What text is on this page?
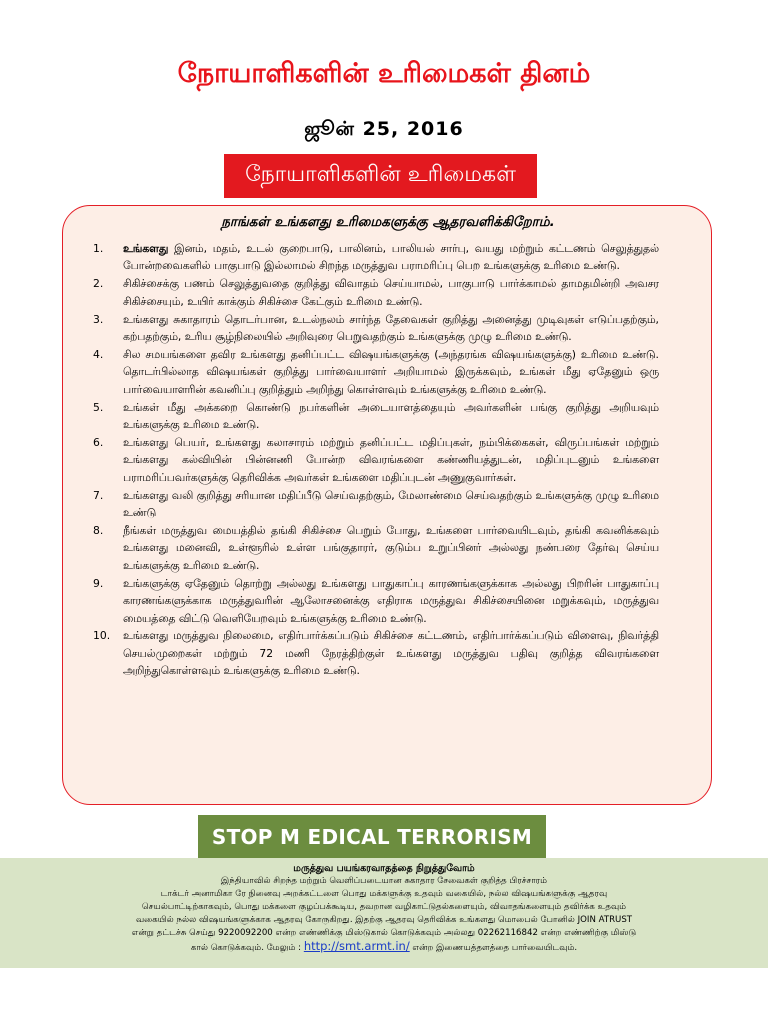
நோயாளிகளின் உரிமைகள் தினம்
ஜூன் 25, 2016
நோயாளிகளின் உரிமைகள்
நாங்கள் உங்களது உரிமைகளுக்கு ஆதரவளிக்கிறோம்.
1.	உங்களது இனம், மதம், உடல் குறைபாடு, பாலினம், பாலியல் சார்பு, வயது மற்றும் கட்டணம் செலுத்துதல் போன்றவைகளில் பாகுபாடு இல்லாமல் சிறந்த மருத்துவ பராமரிப்பு பெற உங்களுக்கு உரிமை உண்டு.
2.	சிகிச்சைக்கு பணம் செலுத்துவதை குறித்து விவாதம் செய்யாமல், பாகுபாடு பார்க்காமல் தாமதமின்றி அவசர சிகிச்சையும், உயிர் காக்கும் சிகிச்சை கேட்கும் உரிமை உண்டு.
3.	உங்களது சுகாதாரம் தொடர்பான, உடல்நலம் சார்ந்த தேவைகள் குறித்து அனைத்து முடிவுகள் எடுப்பதற்கும், கற்பதற்கும், உரிய சூழ்நிலையில் அறிவுரை பெறுவதற்கும் உங்களுக்கு முழு உரிமை உண்டு.
4.	சில சமயங்களை தவிர உங்களது தனிப்பட்ட விஷயங்களுக்கு (அந்தரங்க விஷயங்களுக்கு) உரிமை உண்டு. தொடர்பில்லாத விஷயங்கள் குறித்து பார்வையாளர் அறியாமல் இருக்கவும், உங்கள் மீது ஏதேனும் ஒரு பார்வையாளரின் கவனிப்பு குறித்தும் அறிந்து கொள்ளவும் உங்களுக்கு உரிமை உண்டு.
5.	உங்கள் மீது அக்கறை கொண்டு நபர்களின் அடையாளத்தையும் அவர்களின் பங்கு குறித்து அறியவும் உங்களுக்கு உரிமை உண்டு.
6.	உங்களது பெயர், உங்களது கலாசாரம் மற்றும் தனிப்பட்ட மதிப்புகள், நம்பிக்கைகள், விருப்பங்கள் மற்றும் உங்களது கல்வியின் பின்னணி போன்ற விவரங்களை கண்ணியத்துடன், மதிப்புடனும் உங்களை பராமரிப்பவர்களுக்கு தெரிவிக்க அவர்கள் உங்களை மதிப்புடன் அணுகுவார்கள்.
7.	உங்களது வலி குறித்து சரியான மதிப்பீடு செய்வதற்கும், மேலாண்மை செய்வதற்கும் உங்களுக்கு முழு உரிமை உண்டு
8.	நீங்கள் மருத்துவ மையத்தில் தங்கி சிகிச்சை பெறும் போது, உங்களை பார்வையிடவும், தங்கி கவனிக்கவும் உங்களது மனைவி, உள்ளூரில் உள்ள பங்குதாரர், குடும்ப உறுப்பினர் அல்லது நண்பரை தேர்வு செய்ய உங்களுக்கு உரிமை உண்டு.
9.	உங்களுக்கு ஏதேனும் தொற்று அல்லது உங்களது பாதுகாப்பு காரணங்களுக்காக அல்லது பிறரின் பாதுகாப்பு காரணங்களுக்காக மருத்துவரின் ஆலோசனைக்கு எதிராக மருத்துவ சிகிச்சையினை மறுக்கவும், மருத்துவ மையத்தை விட்டு வெளியேறவும் உங்களுக்கு உரிமை உண்டு.
10.	உங்களது மருத்துவ நிலைமை, எதிர்பார்க்கப்படும் சிகிச்சை கட்டணம், எதிர்பார்க்கப்படும் விளைவு, நிவர்த்தி செயல்முறைகள் மற்றும் 72 மணி நேரத்திற்குள் உங்களது மருத்துவ பதிவு குறித்த விவரங்களை அறிந்துகொள்ளவும் உங்களுக்கு உரிமை உண்டு.
STOP M EDICAL TERRORISM
மருத்துவ பயங்கரவாதத்தை நிறுத்துவோம்
இந்தியாவில் சிறந்த மற்றும் வெளிப்படையான சுகாதார சேவைகள் குறித்த பிரச்சாரம்
டாக்டர் அனாமிகா ரே நினைவு அறக்கட்டளை பொது மக்களுக்கு உதவும் வகையில், நல்ல விஷயங்களுக்கு ஆதரவு
செயல்பாட்டிற்காகவும், பொது மக்களை குழப்பக்கூடிய, தவறான வழிகாட்டுதல்களையும், விவாதங்களையும் தவிர்க்க உதவும்
வகையில் நல்ல விஷயங்களுக்காக ஆதரவு கோருகிறது. இதற்கு ஆதரவு தெரிவிக்க உங்களது மொபைல் போனில் JOIN ATRUST
என்று தட்டச்சு செய்து 9220092200 என்ற எண்ணிக்கு மிஸ்டுகால் கொடுக்கவும் அல்லது 02262116842 என்ற எண்ணிற்கு மிஸ்டு
கால் கொடுக்கவும். மேலும் : http://smt.armt.in/ என்ற இணையத்தளத்தை பார்வையிடவும்.
